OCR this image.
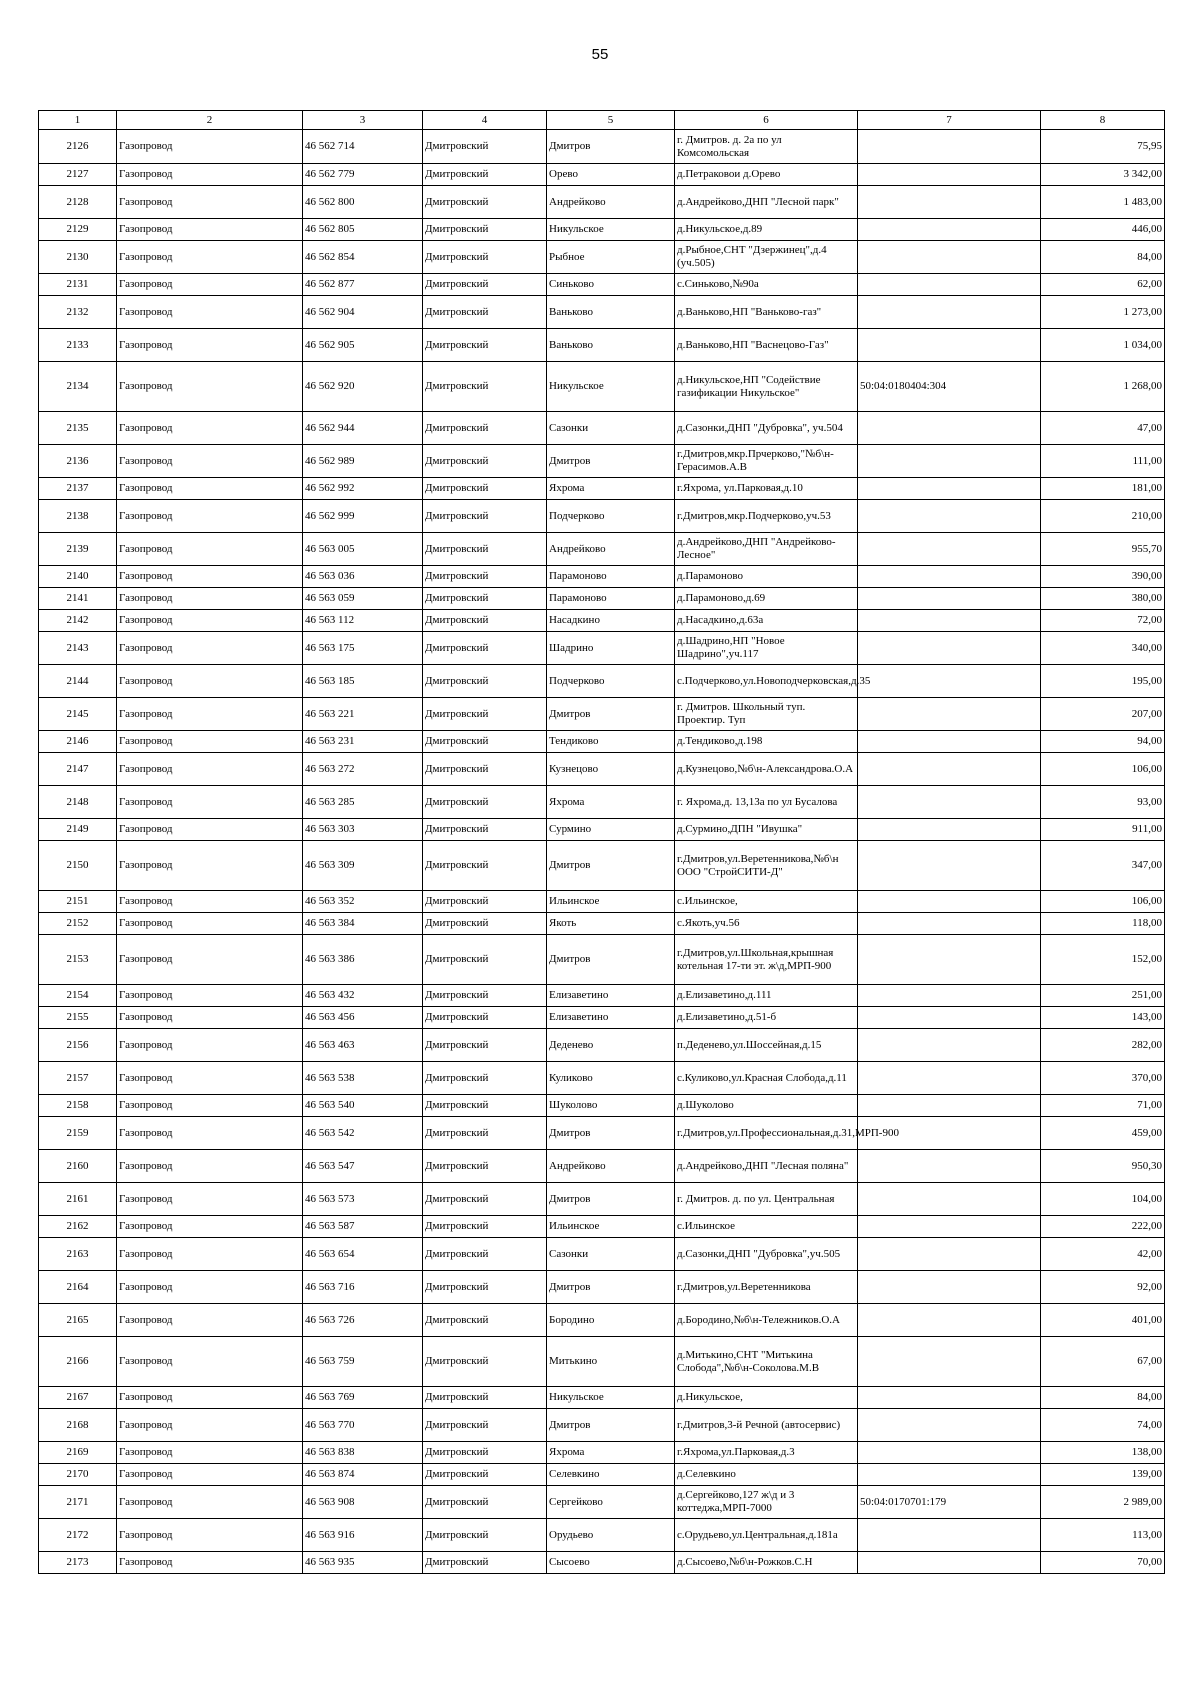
55
1	2	3	4	5	6	7	8
2126	Газопровод	46 562 714	Дмитровский	Дмитров	г. Дмитров. д. 2а по ул Комсомольская		75,95
2127	Газопровод	46 562 779	Дмитровский	Орево	д.Петраковои д.Орево		3 342,00
2128	Газопровод	46 562 800	Дмитровский	Андрейково	д.Андрейково,ДНП "Лесной парк"		1 483,00
2129	Газопровод	46 562 805	Дмитровский	Никульское	д.Никульское,д.89		446,00
2130	Газопровод	46 562 854	Дмитровский	Рыбное	д.Рыбное,СНТ "Дзержинец",д.4 (уч.505)		84,00
2131	Газопровод	46 562 877	Дмитровский	Синьково	с.Синьково,№90а		62,00
2132	Газопровод	46 562 904	Дмитровский	Ваньково	д.Ваньково,НП "Ваньково-газ"		1 273,00
2133	Газопровод	46 562 905	Дмитровский	Ваньково	д.Ваньково,НП "Васнецово-Газ"		1 034,00
2134	Газопровод	46 562 920	Дмитровский	Никульское	д.Никульское,НП "Содействие газификации Никульское"	50:04:0180404:304	1 268,00
2135	Газопровод	46 562 944	Дмитровский	Сазонки	д.Сазонки,ДНП "Дубровка", уч.504		47,00
2136	Газопровод	46 562 989	Дмитровский	Дмитров	г.Дмитров,мкр.Прчерково,"№б\н-Герасимов.А.В		111,00
2137	Газопровод	46 562 992	Дмитровский	Яхрома	г.Яхрома, ул.Парковая,д.10		181,00
2138	Газопровод	46 562 999	Дмитровский	Подчерково	г.Дмитров,мкр.Подчерково,уч.53		210,00
2139	Газопровод	46 563 005	Дмитровский	Андрейково	д.Андрейково,ДНП "Андрейково-Лесное"		955,70
2140	Газопровод	46 563 036	Дмитровский	Парамоново	д.Парамоново		390,00
2141	Газопровод	46 563 059	Дмитровский	Парамоново	д.Парамоново,д.69		380,00
2142	Газопровод	46 563 112	Дмитровский	Насадкино	д.Насадкино,д.63а		72,00
2143	Газопровод	46 563 175	Дмитровский	Шадрино	д.Шадрино,НП "Новое Шадрино",уч.117		340,00
2144	Газопровод	46 563 185	Дмитровский	Подчерково	с.Подчерково,ул.Новоподчерковская,д.35		195,00
2145	Газопровод	46 563 221	Дмитровский	Дмитров	г. Дмитров. Школьный туп. Проектир. Туп		207,00
2146	Газопровод	46 563 231	Дмитровский	Тендиково	д.Тендиково,д.198		94,00
2147	Газопровод	46 563 272	Дмитровский	Кузнецово	д.Кузнецово,№б\н-Александрова.О.А		106,00
2148	Газопровод	46 563 285	Дмитровский	Яхрома	г. Яхрома,д. 13,13а по ул Бусалова		93,00
2149	Газопровод	46 563 303	Дмитровский	Сурмино	д.Сурмино,ДПН "Ивушка"		911,00
2150	Газопровод	46 563 309	Дмитровский	Дмитров	г.Дмитров,ул.Веретенникова,№б\н ООО "СтройСИТИ-Д"		347,00
2151	Газопровод	46 563 352	Дмитровский	Ильинское	с.Ильинское,		106,00
2152	Газопровод	46 563 384	Дмитровский	Якоть	с.Якоть,уч.56		118,00
2153	Газопровод	46 563 386	Дмитровский	Дмитров	г.Дмитров,ул.Школьная,крышная котельная 17-ти эт. ж\д,МРП-900		152,00
2154	Газопровод	46 563 432	Дмитровский	Елизаветино	д.Елизаветино,д.111		251,00
2155	Газопровод	46 563 456	Дмитровский	Елизаветино	д.Елизаветино,д.51-б		143,00
2156	Газопровод	46 563 463	Дмитровский	Деденево	п.Деденево,ул.Шоссейная,д.15		282,00
2157	Газопровод	46 563 538	Дмитровский	Куликово	с.Куликово,ул.Красная Слобода,д.11		370,00
2158	Газопровод	46 563 540	Дмитровский	Шуколово	д.Шуколово		71,00
2159	Газопровод	46 563 542	Дмитровский	Дмитров	г.Дмитров,ул.Профессиональная,д.31,МРП-900		459,00
2160	Газопровод	46 563 547	Дмитровский	Андрейково	д.Андрейково,ДНП "Лесная поляна"		950,30
2161	Газопровод	46 563 573	Дмитровский	Дмитров	г. Дмитров. д. по ул. Центральная		104,00
2162	Газопровод	46 563 587	Дмитровский	Ильинское	с.Ильинское		222,00
2163	Газопровод	46 563 654	Дмитровский	Сазонки	д.Сазонки,ДНП "Дубровка",уч.505		42,00
2164	Газопровод	46 563 716	Дмитровский	Дмитров	г.Дмитров,ул.Веретенникова		92,00
2165	Газопровод	46 563 726	Дмитровский	Бородино	д.Бородино,№б\н-Тележников.О.А		401,00
2166	Газопровод	46 563 759	Дмитровский	Митькино	д.Митькино,СНТ "Митькина Слобода",№б\н-Соколова.М.В		67,00
2167	Газопровод	46 563 769	Дмитровский	Никульское	д.Никульское,		84,00
2168	Газопровод	46 563 770	Дмитровский	Дмитров	г.Дмитров,3-й Речной (автосервис)		74,00
2169	Газопровод	46 563 838	Дмитровский	Яхрома	г.Яхрома,ул.Парковая,д.3		138,00
2170	Газопровод	46 563 874	Дмитровский	Селевкино	д.Селевкино		139,00
2171	Газопровод	46 563 908	Дмитровский	Сергейково	д.Сергейково,127 ж\д и 3 коттеджа,МРП-7000	50:04:0170701:179	2 989,00
2172	Газопровод	46 563 916	Дмитровский	Орудьево	с.Орудьево,ул.Центральная,д.181а		113,00
2173	Газопровод	46 563 935	Дмитровский	Сысоево	д.Сысоево,№б\н-Рожков.С.Н		70,00
